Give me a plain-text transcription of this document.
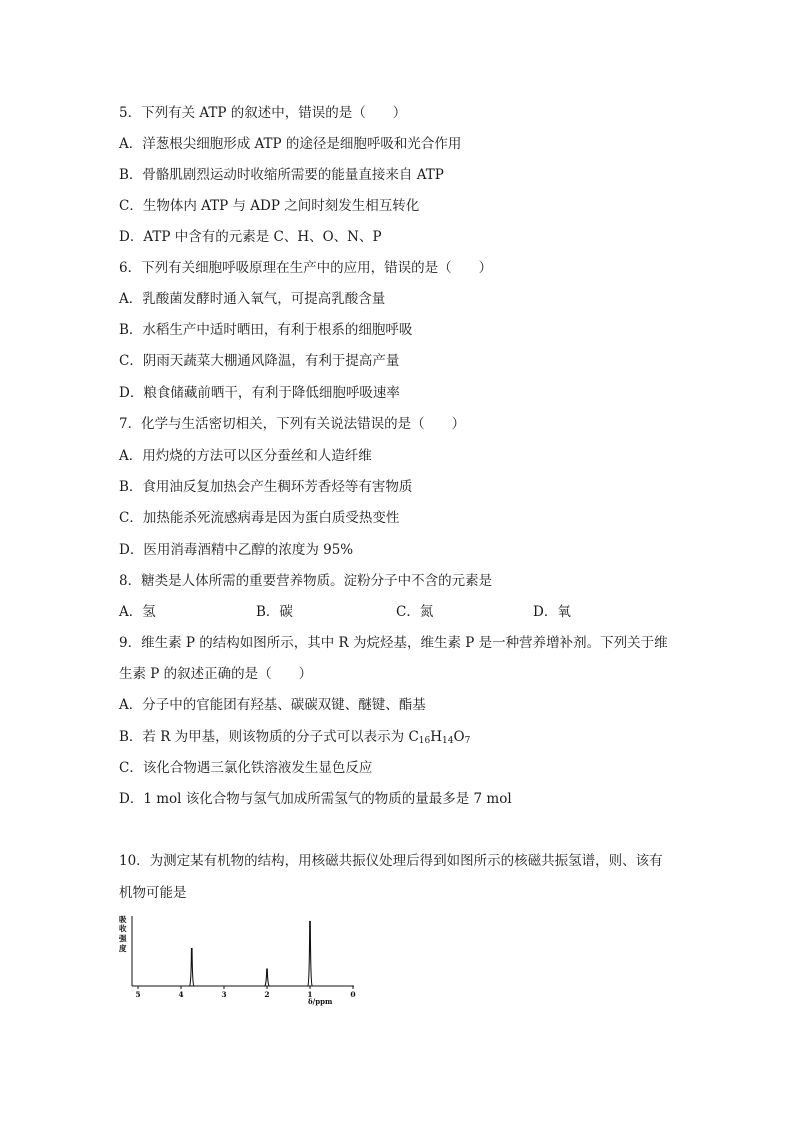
5．下列有关 ATP 的叙述中，错误的是（　　）
A．洋葱根尖细胞形成 ATP 的途径是细胞呼吸和光合作用
B．骨骼肌剧烈运动时收缩所需要的能量直接来自 ATP
C．生物体内 ATP 与 ADP 之间时刻发生相互转化
D．ATP 中含有的元素是 C、H、O、N、P
6．下列有关细胞呼吸原理在生产中的应用，错误的是（　　）
A．乳酸菌发酵时通入氧气，可提高乳酸含量
B．水稻生产中适时晒田，有利于根系的细胞呼吸
C．阴雨天蔬菜大棚通风降温，有利于提高产量
D．粮食储藏前晒干，有利于降低细胞呼吸速率
7．化学与生活密切相关，下列有关说法错误的是（　　）
A．用灼烧的方法可以区分蚕丝和人造纤维
B．食用油反复加热会产生稠环芳香烃等有害物质
C．加热能杀死流感病毒是因为蛋白质受热变性
D．医用消毒酒精中乙醇的浓度为 95%
8．糖类是人体所需的重要营养物质。淀粉分子中不含的元素是
A．氢	B．碳	C．氮	D．氧
9．维生素 P 的结构如图所示，其中 R 为烷烃基，维生素 P 是一种营养增补剂。下列关于维
生素 P 的叙述正确的是（　　）
A．分子中的官能团有羟基、碳碳双键、醚键、酯基
B．若 R 为甲基，则该物质的分子式可以表示为 $C_{16}H_{14}O_7$
C．该化合物遇三氯化铁溶液发生显色反应
D．1 mol 该化合物与氢气加成所需氢气的物质的量最多是 7 mol
10．为测定某有机物的结构，用核磁共振仪处理后得到如图所示的核磁共振氢谱，则、该有
机物可能是
吸
收
强
度
5	4	3	2	1	0
δ/ppm
